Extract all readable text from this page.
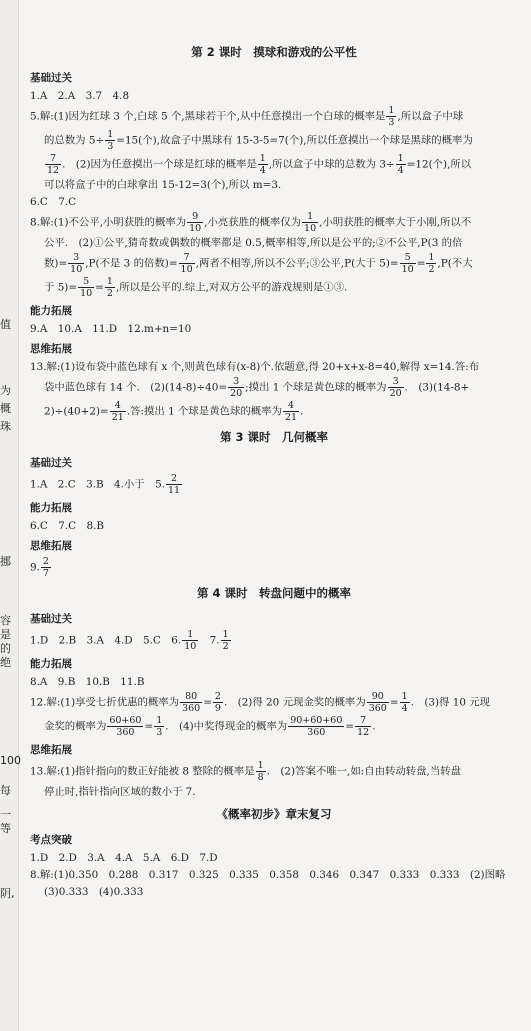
值
为
概
珠
挪
容是
的绝
100
每
一等
阴,
第 2 课时　摸球和游戏的公平性
基础过关
1.A　2.A　3.7　4.8
5.解:(1)因为红球 3 个,白球 5 个,黑球若干个,从中任意摸出一个白球的概率是 $\frac{1}{3}$ ,所以盒子中球
的总数为 $5\div \frac{1}{3} =15$(个),故盒子中黑球有 15-3-5=7(个),所以任意摸出一个球是黑球的概率为
$\frac{7}{12}$ .　(2)因为任意摸出一个球是红球的概率是 $\frac{1}{4}$ ,所以盒子中球的总数为 $3\div \frac{1}{4} =12$(个),所以
可以将盒子中的白球拿出 15-12=3(个),所以 m=3.
6.C　7.C
8.解:(1)不公平,小明获胜的概率为 $\frac{9}{10}$ ,小亮获胜的概率仅为 $\frac{1}{10}$ ,小明获胜的概率大于小刚,所以不
公平.　(2)①公平,猜奇数或偶数的概率都是 0.5,概率相等,所以是公平的;②不公平,P(3 的倍
数)= $\frac{3}{10} ,P$(不是 3 的倍数)= $\frac{7}{10}$ ,两者不相等,所以不公平;③公平,P(大于 $5)= \frac{5}{10} = \frac{1}{2} ,P$(不大
于 $5)= \frac{5}{10} = \frac{1}{2}$ ,所以是公平的.综上,对双方公平的游戏规则是①③.
能力拓展
9.A　10.A　11.D　12.m+n=10
思维拓展
13.解:(1)设布袋中蓝色球有 x 个,则黄色球有(x-8)个.依题意,得 20+x+x-8=40,解得 x=14.答:布
袋中蓝色球有 14 个.　$(2)(14-8)\div 40= \frac{3}{20}$ ;摸出 1 个球是黄色球的概率为 $\frac{3}{20}$ .　(3)(14-8+
$2)\div(40+2)= \frac{4}{21}$ .答:摸出 1 个球是黄色球的概率为 $\frac{4}{21}$ .
第 3 课时　几何概率
基础过关
1.A　2.C　3.B　4.小于　5. $\frac{2}{11}$
能力拓展
6.C　7.C　8.B
思维拓展
9. $\frac{2}{7}$
第 4 课时　转盘问题中的概率
基础过关
1.D　2.B　3.A　4.D　5.C　6. $\frac{1}{10}$ 　7. $\frac{1}{2}$
能力拓展
8.A　9.B　10.B　11.B
12.解:(1)享受七折优惠的概率为 $\frac{80}{360} = \frac{2}{9}$ .　(2)得 20 元现金奖的概率为 $\frac{90}{360} = \frac{1}{4}$ .　(3)得 10 元现
金奖的概率为 $\frac{60+60}{360} = \frac{1}{3}$ .　(4)中奖得现金的概率为 $\frac{90+60+60}{360} = \frac{7}{12}$ .
思维拓展
13.解:(1)指针指向的数正好能被 8 整除的概率是 $\frac{1}{8}$ .　(2)答案不唯一,如:自由转动转盘,当转盘
停止时,指针指向区域的数小于 7.
《概率初步》章末复习
考点突破
1.D　2.D　3.A　4.A　5.A　6.D　7.D
8.解:(1)0.350　0.288　0.317　0.325　0.335　0.358　0.346　0.347　0.333　0.333　(2)图略
(3)0.333　(4)0.333
